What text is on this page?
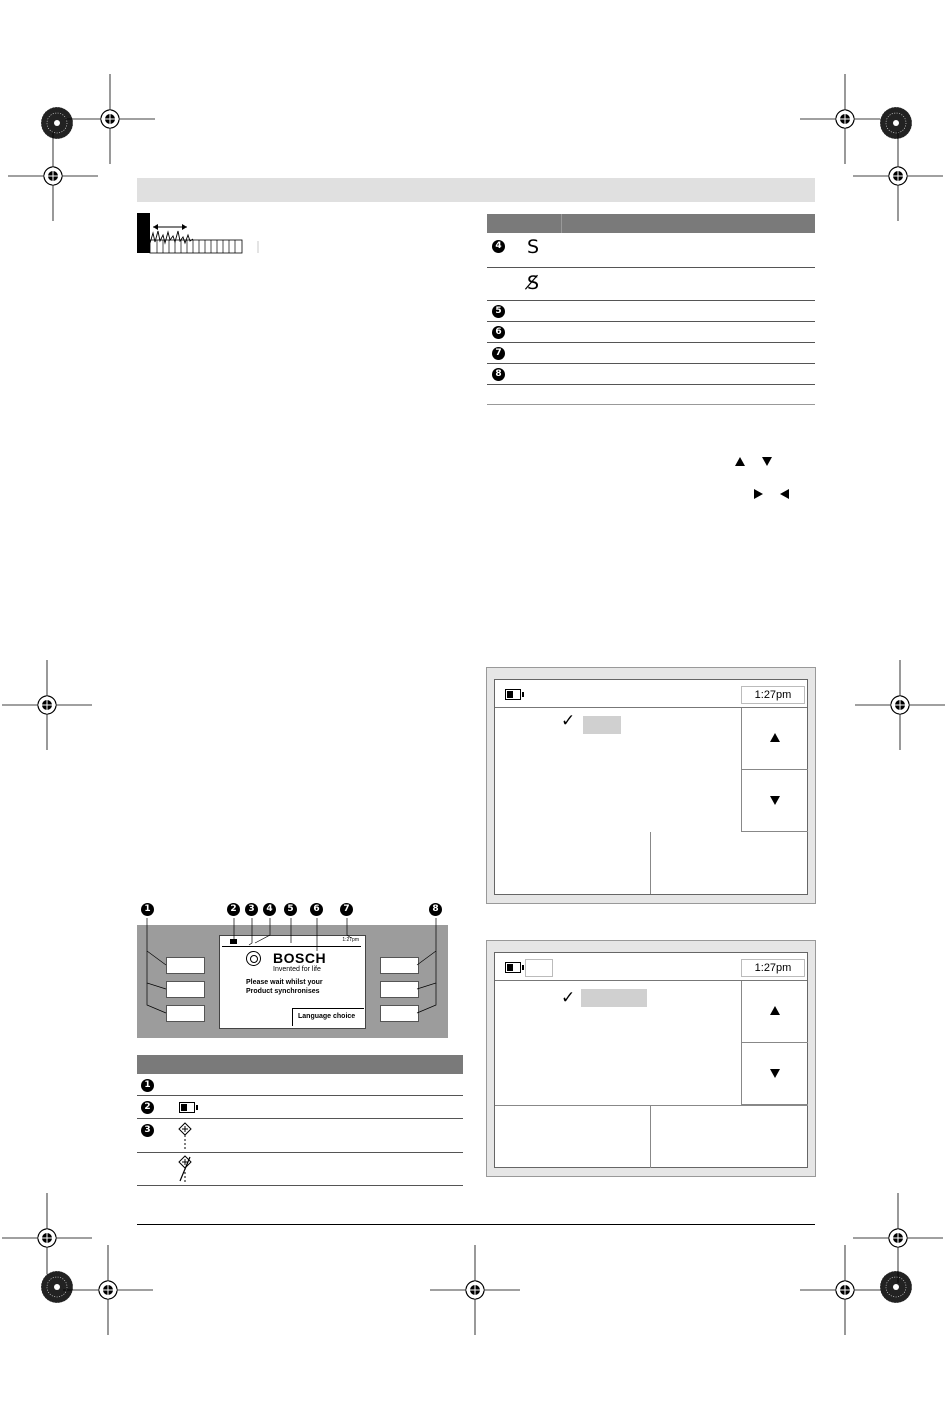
4 S
S̸
5
6
7
8
1	2	3	4	5	6	7	8
1:27pm
BOSCH
Invented for life
Please wait whilst your
Product synchronises
Language choice
1
2
3
1:27pm
✓
1:27pm
✓
